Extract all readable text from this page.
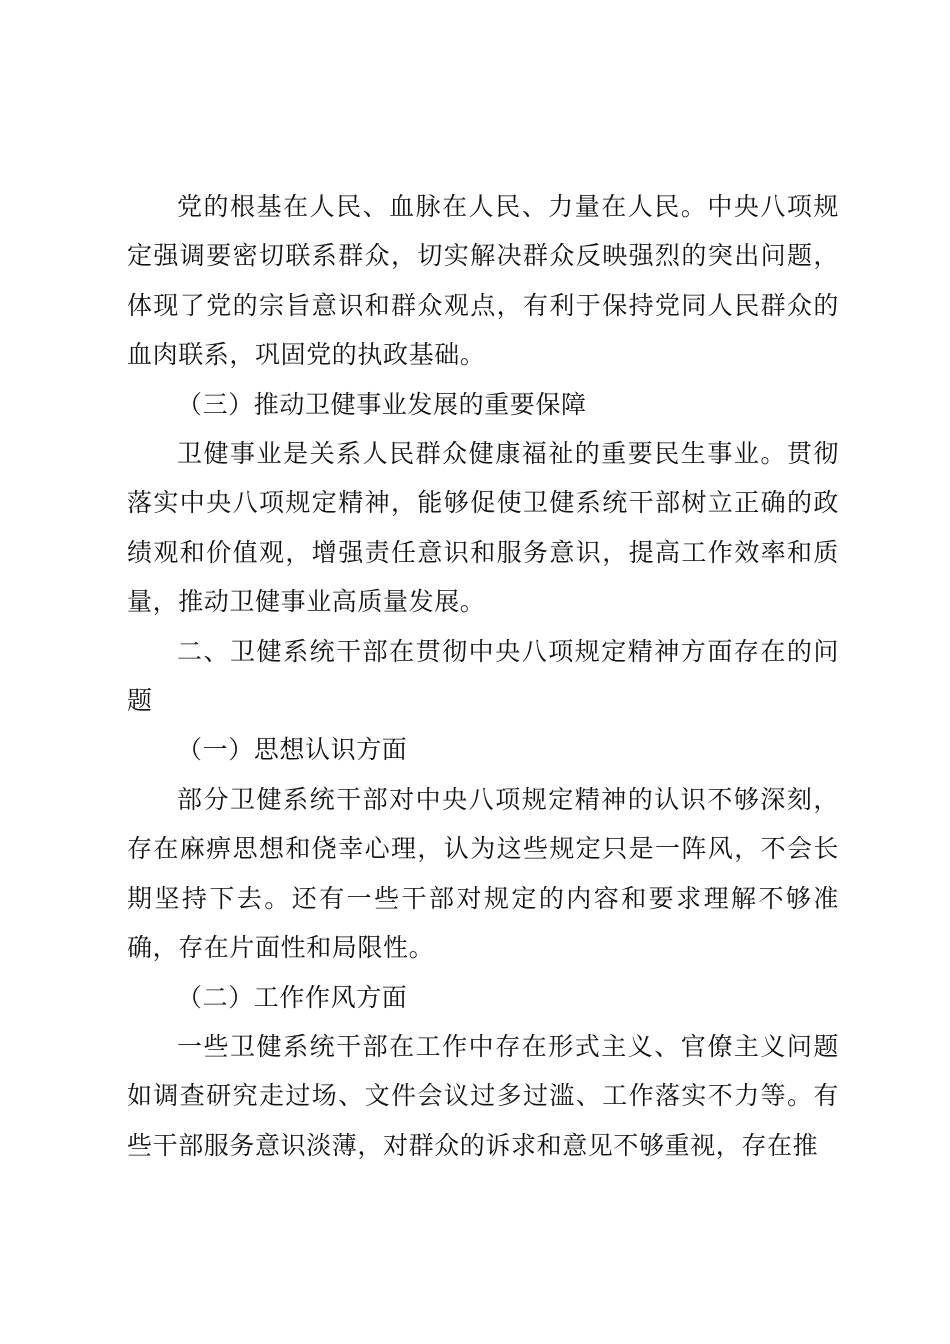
党的根基在人民、血脉在人民、力量在人民。中央八项规定强调要密切联系群众，切实解决群众反映强烈的突出问题，体现了党的宗旨意识和群众观点，有利于保持党同人民群众的血肉联系，巩固党的执政基础。

（三）推动卫健事业发展的重要保障

卫健事业是关系人民群众健康福祉的重要民生事业。贯彻落实中央八项规定精神，能够促使卫健系统干部树立正确的政绩观和价值观，增强责任意识和服务意识，提高工作效率和质量，推动卫健事业高质量发展。

二、卫健系统干部在贯彻中央八项规定精神方面存在的问题

（一）思想认识方面

部分卫健系统干部对中央八项规定精神的认识不够深刻，存在麻痹思想和侥幸心理，认为这些规定只是一阵风，不会长期坚持下去。还有一些干部对规定的内容和要求理解不够准确，存在片面性和局限性。

（二）工作作风方面

一些卫健系统干部在工作中存在形式主义、官僚主义问题如调查研究走过场、文件会议过多过滥、工作落实不力等。有些干部服务意识淡薄，对群众的诉求和意见不够重视，存在推
